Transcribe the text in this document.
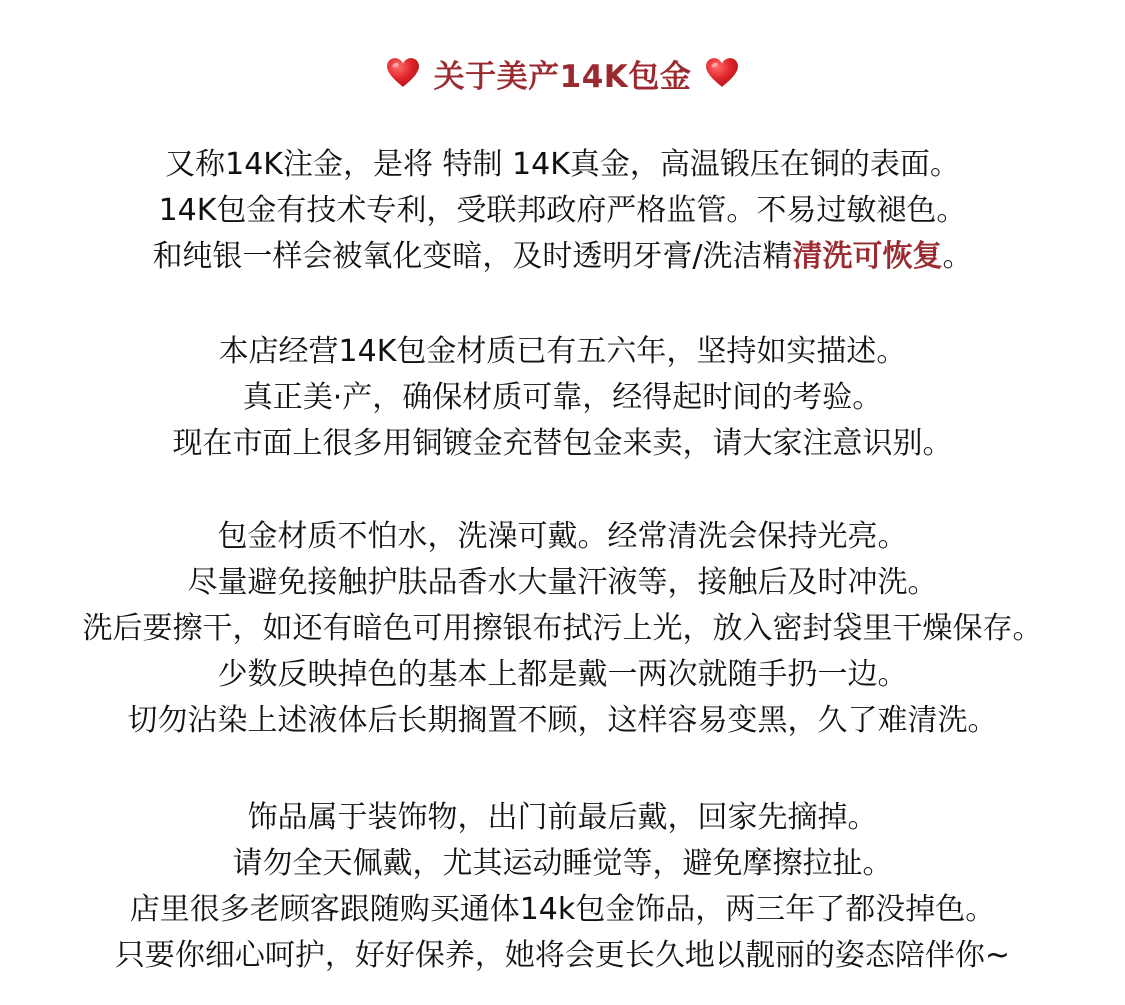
关于美产14K包金
又称14K注金，是将 特制 14K真金，高温锻压在铜的表面。
14K包金有技术专利，受联邦政府严格监管。不易过敏褪色。
和纯银一样会被氧化变暗，及时透明牙膏/洗洁精清洗可恢复。
本店经营14K包金材质已有五六年，坚持如实描述。
真正美·产，确保材质可靠，经得起时间的考验。
现在市面上很多用铜镀金充替包金来卖，请大家注意识别。
包金材质不怕水，洗澡可戴。经常清洗会保持光亮。
尽量避免接触护肤品香水大量汗液等，接触后及时冲洗。
洗后要擦干，如还有暗色可用擦银布拭污上光，放入密封袋里干燥保存。
少数反映掉色的基本上都是戴一两次就随手扔一边。
切勿沾染上述液体后长期搁置不顾，这样容易变黑，久了难清洗。
饰品属于装饰物，出门前最后戴，回家先摘掉。
请勿全天佩戴，尤其运动睡觉等，避免摩擦拉扯。
店里很多老顾客跟随购买通体14k包金饰品，两三年了都没掉色。
只要你细心呵护，好好保养，她将会更长久地以靓丽的姿态陪伴你~
